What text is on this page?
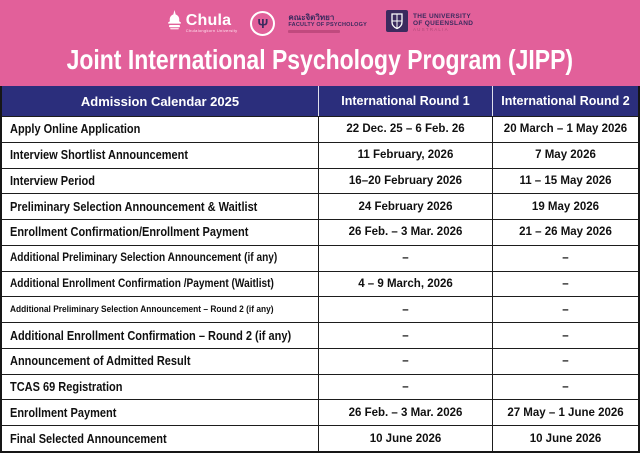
Chula
Chulalongkorn University Ψ	คณะจิตวิทยา
FACULTY OF PSYCHOLOGY
THE UNIVERSITY
OF QUEENSLAND
AUSTRALIA
Joint International Psychology Program (JIPP)
Admission Calendar 2025	International Round 1	International Round 2
Apply Online Application	22 Dec. 25 – 6 Feb. 26	20 March – 1 May 2026
Interview Shortlist Announcement	11 February, 2026	7 May 2026
Interview Period	16–20 February 2026	11 – 15 May 2026
Preliminary Selection Announcement & Waitlist	24 February 2026	19 May 2026
Enrollment Confirmation/Enrollment Payment	26 Feb. – 3 Mar. 2026	21 – 26 May 2026
Additional Preliminary Selection Announcement (if any)	–	–
Additional Enrollment Confirmation /Payment (Waitlist)	4 – 9 March, 2026	–
Additional Preliminary Selection Announcement – Round 2 (if any)	–	–
Additional Enrollment Confirmation – Round 2 (if any)	–	–
Announcement of Admitted Result	–	–
TCAS 69 Registration	–	–
Enrollment Payment	26 Feb. – 3 Mar. 2026	27 May – 1 June 2026
Final Selected Announcement	10 June 2026	10 June 2026
